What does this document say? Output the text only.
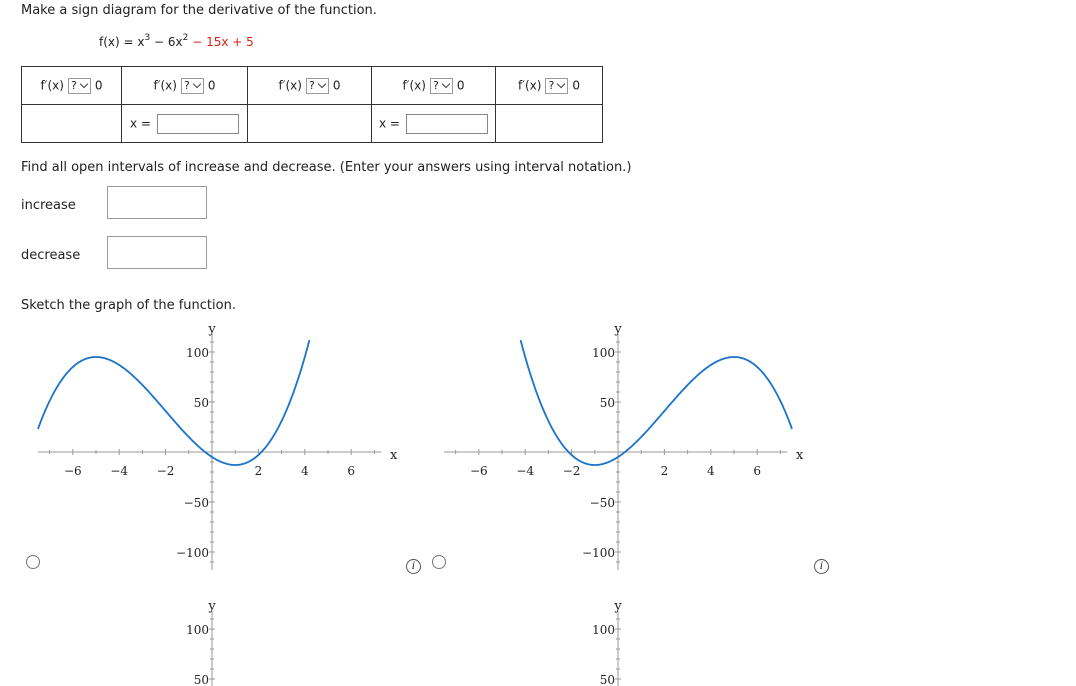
Make a sign diagram for the derivative of the function.
$f(x) = x^3 - 6x^2 - 15x + 5$
f′(x) ? 0	f′(x) ? 0	f′(x) ? 0	f′(x) ? 0	f′(x) ? 0
	x =		x =	
Find all open intervals of increase and decrease. (Enter your answers using interval notation.)
increase
decrease
Sketch the graph of the function.
i	i
−6 −4 −2	2	4	6
100
50
−50
−100
x
y
−6 −4 −2	2	4	6
100
50
−50
−100
x
y
100
50
y
100
50
y
